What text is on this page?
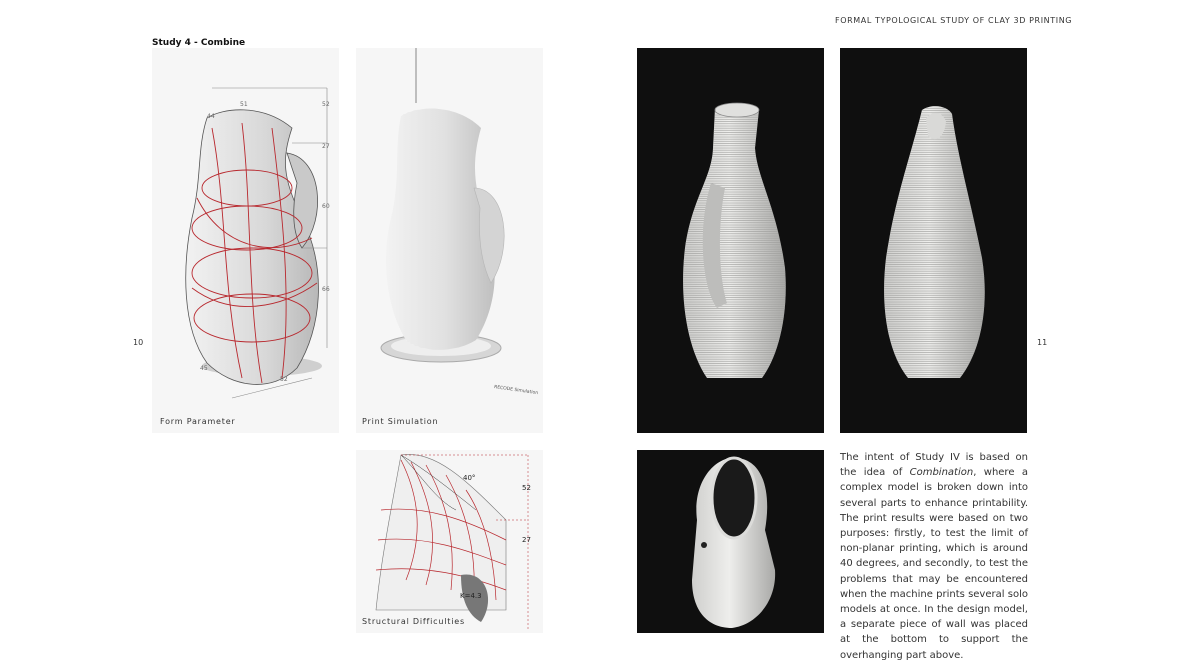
FORMAL TYPOLOGICAL STUDY OF CLAY 3D PRINTING
Study 4 - Combine
10	11
51
44
52
27
60
66
52
45
Form Parameter
RECODE Simulation
Print Simulation
40°
52
27
K=4.3
Structural Difficulties
The intent of Study IV is based on the idea of Combination, where a complex model is broken down into several parts to enhance printability. The print results were based on two purposes: firstly, to test the limit of non-planar printing, which is around 40 degrees, and secondly, to test the problems that may be encountered when the machine prints several solo models at once. In the design model, a separate piece of wall was placed at the bottom to support the overhanging part above.
